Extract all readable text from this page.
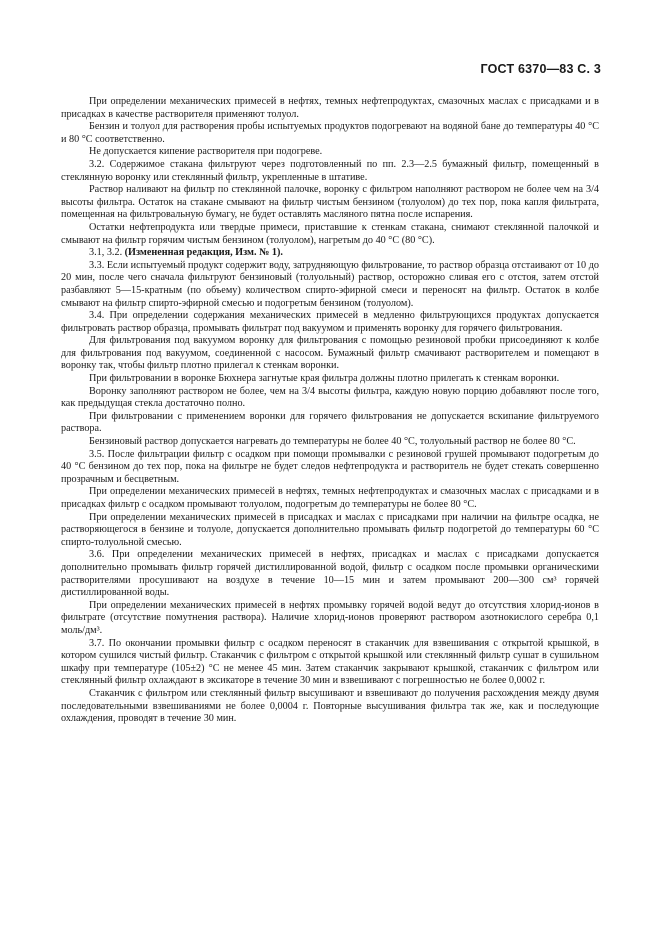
ГОСТ 6370—83 С. 3

При определении механических примесей в нефтях, темных нефтепродуктах, смазочных маслах с присадками и в присадках в качестве растворителя применяют толуол.

Бензин и толуол для растворения пробы испытуемых продуктов подогревают на водяной бане до температуры 40 °С и 80 °С соответственно.

Не допускается кипение растворителя при подогреве.

3.2. Содержимое стакана фильтруют через подготовленный по пп. 2.3—2.5 бумажный фильтр, помещенный в стеклянную воронку или стеклянный фильтр, укрепленные в штативе.

Раствор наливают на фильтр по стеклянной палочке, воронку с фильтром наполняют раствором не более чем на 3/4 высоты фильтра. Остаток на стакане смывают на фильтр чистым бензином (толуолом) до тех пор, пока капля фильтрата, помещенная на фильтровальную бумагу, не будет оставлять масляного пятна после испарения.

Остатки нефтепродукта или твердые примеси, приставшие к стенкам стакана, снимают стеклянной палочкой и смывают на фильтр горячим чистым бензином (толуолом), нагретым до 40 °С (80 °С).

3.1, 3.2. (Измененная редакция, Изм. № 1).

3.3. Если испытуемый продукт содержит воду, затрудняющую фильтрование, то раствор образца отстаивают от 10 до 20 мин, после чего сначала фильтруют бензиновый (толуольный) раствор, осторожно сливая его с отстоя, затем отстой разбавляют 5—15-кратным (по объему) количеством спирто-эфирной смеси и переносят на фильтр. Остаток в колбе смывают на фильтр спирто-эфирной смесью и подогретым бензином (толуолом).

3.4. При определении содержания механических примесей в медленно фильтрующихся продуктах допускается фильтровать раствор образца, промывать фильтрат под вакуумом и применять воронку для горячего фильтрования.

Для фильтрования под вакуумом воронку для фильтрования с помощью резиновой пробки присоединяют к колбе для фильтрования под вакуумом, соединенной с насосом. Бумажный фильтр смачивают растворителем и помещают в воронку так, чтобы фильтр плотно прилегал к стенкам воронки.

При фильтровании в воронке Бюхнера загнутые края фильтра должны плотно прилегать к стенкам воронки.

Воронку заполняют раствором не более, чем на 3/4 высоты фильтра, каждую новую порцию добавляют после того, как предыдущая стекла достаточно полно.

При фильтровании с применением воронки для горячего фильтрования не допускается вскипание фильтруемого раствора.

Бензиновый раствор допускается нагревать до температуры не более 40 °С, толуольный раствор не более 80 °С.

3.5. После фильтрации фильтр с осадком при помощи промывалки с резиновой грушей промывают подогретым до 40 °С бензином до тех пор, пока на фильтре не будет следов нефтепродукта и растворитель не будет стекать совершенно прозрачным и бесцветным.

При определении механических примесей в нефтях, темных нефтепродуктах и смазочных маслах с присадками и в присадках фильтр с осадком промывают толуолом, подогретым до температуры не более 80 °С.

При определении механических примесей в присадках и маслах с присадками при наличии на фильтре осадка, не растворяющегося в бензине и толуоле, допускается дополнительно промывать фильтр подогретой до температуры 60 °С спирто-толуольной смесью.

3.6. При определении механических примесей в нефтях, присадках и маслах с присадками допускается дополнительно промывать фильтр горячей дистиллированной водой, фильтр с осадком после промывки органическими растворителями просушивают на воздухе в течение 10—15 мин и затем промывают 200—300 см³ горячей дистиллированной воды.

При определении механических примесей в нефтях промывку горячей водой ведут до отсутствия хлорид-ионов в фильтрате (отсутствие помутнения раствора). Наличие хлорид-ионов проверяют раствором азотнокислого серебра 0,1 моль/дм³.

3.7. По окончании промывки фильтр с осадком переносят в стаканчик для взвешивания с открытой крышкой, в котором сушился чистый фильтр. Стаканчик с фильтром с открытой крышкой или стеклянный фильтр сушат в сушильном шкафу при температуре (105±2) °С не менее 45 мин. Затем стаканчик закрывают крышкой, стаканчик с фильтром или стеклянный фильтр охлаждают в эксикаторе в течение 30 мин и взвешивают с погрешностью не более 0,0002 г.

Стаканчик с фильтром или стеклянный фильтр высушивают и взвешивают до получения расхождения между двумя последовательными взвешиваниями не более 0,0004 г. Повторные высушивания фильтра так же, как и последующие охлаждения, проводят в течение 30 мин.
